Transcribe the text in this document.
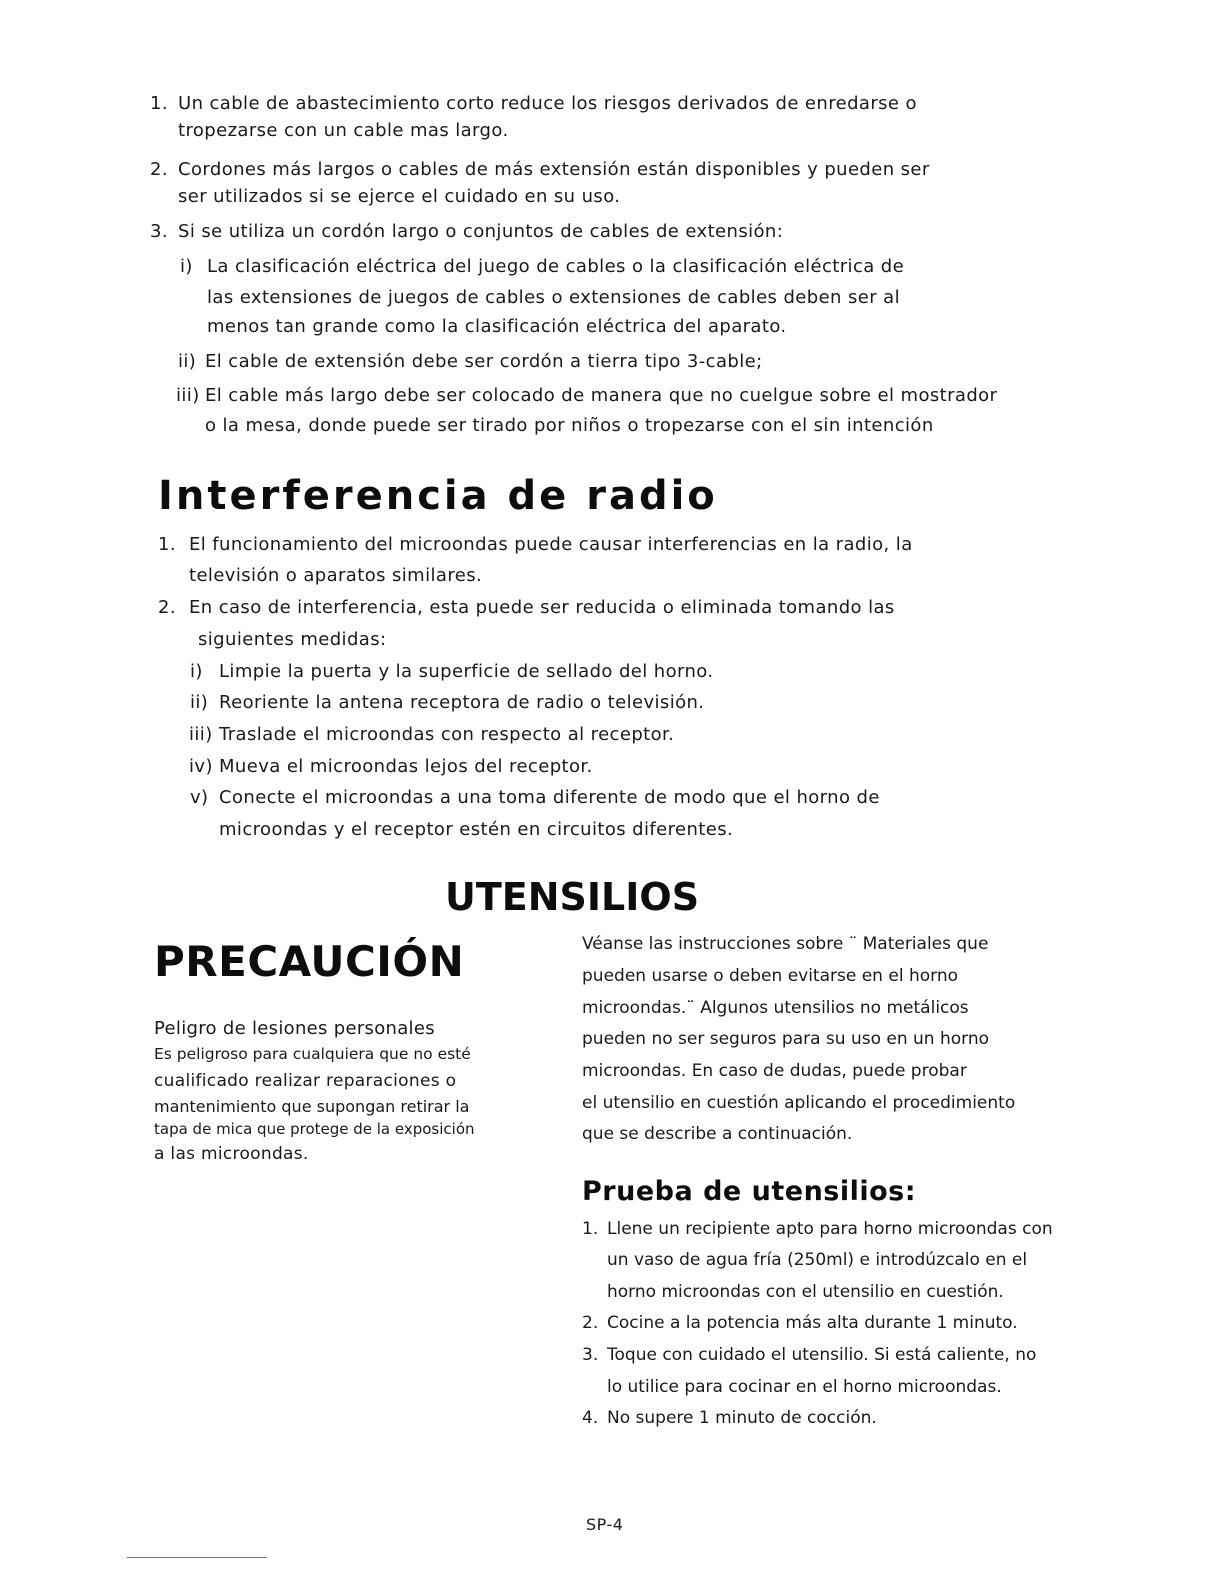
1. Un cable de abastecimiento corto reduce los riesgos derivados de enredarse o
tropezarse con un cable mas largo.
2. Cordones más largos o cables de más extensión están disponibles y pueden ser
ser utilizados si se ejerce el cuidado en su uso.
3. Si se utiliza un cordón largo o conjuntos de cables de extensión:
i) La clasificación eléctrica del juego de cables o la clasificación eléctrica de
las extensiones de juegos de cables o extensiones de cables deben ser al
menos tan grande como la clasificación eléctrica del aparato.
ii) El cable de extensión debe ser cordón a tierra tipo 3-cable;
iii) El cable más largo debe ser colocado de manera que no cuelgue sobre el mostrador
o la mesa, donde puede ser tirado por niños o tropezarse con el sin intención
Interferencia de radio
1. El funcionamiento del microondas puede causar interferencias en la radio, la
televisión o aparatos similares.
2. En caso de interferencia, esta puede ser reducida o eliminada tomando las
siguientes medidas:
i) Limpie la puerta y la superficie de sellado del horno.
ii) Reoriente la antena receptora de radio o televisión.
iii) Traslade el microondas con respecto al receptor.
iv) Mueva el microondas lejos del receptor.
v) Conecte el microondas a una toma diferente de modo que el horno de
microondas y el receptor estén en circuitos diferentes.
UTENSILIOS
PRECAUCIÓN
Peligro de lesiones personales
Es peligroso para cualquiera que no esté
cualificado realizar reparaciones o
mantenimiento que supongan retirar la
tapa de mica que protege de la exposición
a las microondas.
Véanse las instrucciones sobre ¨ Materiales que
pueden usarse o deben evitarse en el horno
microondas.¨ Algunos utensilios no metálicos
pueden no ser seguros para su uso en un horno
microondas. En caso de dudas, puede probar
el utensilio en cuestión aplicando el procedimiento
que se describe a continuación.
Prueba de utensilios:
1. Llene un recipiente apto para horno microondas con
un vaso de agua fría (250ml) e introdúzcalo en el
horno microondas con el utensilio en cuestión.
2. Cocine a la potencia más alta durante 1 minuto.
3. Toque con cuidado el utensilio. Si está caliente, no
lo utilice para cocinar en el horno microondas.
4. No supere 1 minuto de cocción.
SP-4
